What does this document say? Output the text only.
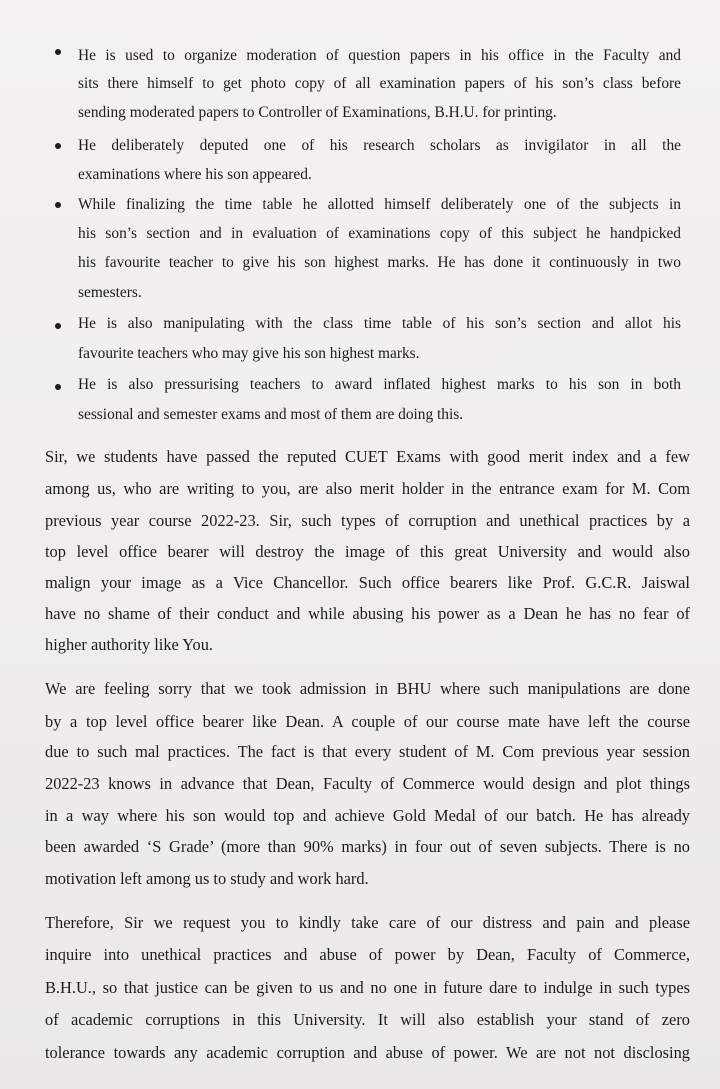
He is used to organize moderation of question papers in his office in the Faculty and
sits there himself to get photo copy of all examination papers of his son’s class before
sending moderated papers to Controller of Examinations, B.H.U. for printing.
He deliberately deputed one of his research scholars as invigilator in all the
examinations where his son appeared.
While finalizing the time table he allotted himself deliberately one of the subjects in
his son’s section and in evaluation of examinations copy of this subject he handpicked
his favourite teacher to give his son highest marks. He has done it continuously in two
semesters.
He is also manipulating with the class time table of his son’s section and allot his
favourite teachers who may give his son highest marks.
He is also pressurising teachers to award inflated highest marks to his son in both
sessional and semester exams and most of them are doing this.
Sir, we students have passed the reputed CUET Exams with good merit index and a few
among us, who are writing to you, are also merit holder in the entrance exam for M. Com
previous year course 2022-23. Sir, such types of corruption and unethical practices by a
top level office bearer will destroy the image of this great University and would also
malign your image as a Vice Chancellor. Such office bearers like Prof. G.C.R. Jaiswal
have no shame of their conduct and while abusing his power as a Dean he has no fear of
higher authority like You.
We are feeling sorry that we took admission in BHU where such manipulations are done
by a top level office bearer like Dean. A couple of our course mate have left the course
due to such mal practices. The fact is that every student of M. Com previous year session
2022-23 knows in advance that Dean, Faculty of Commerce would design and plot things
in a way where his son would top and achieve Gold Medal of our batch. He has already
been awarded ‘S Grade’ (more than 90% marks) in four out of seven subjects. There is no
motivation left among us to study and work hard.
Therefore, Sir we request you to kindly take care of our distress and pain and please
inquire into unethical practices and abuse of power by Dean, Faculty of Commerce,
B.H.U., so that justice can be given to us and no one in future dare to indulge in such types
of academic corruptions in this University. It will also establish your stand of zero
tolerance towards any academic corruption and abuse of power. We are not not disclosing
